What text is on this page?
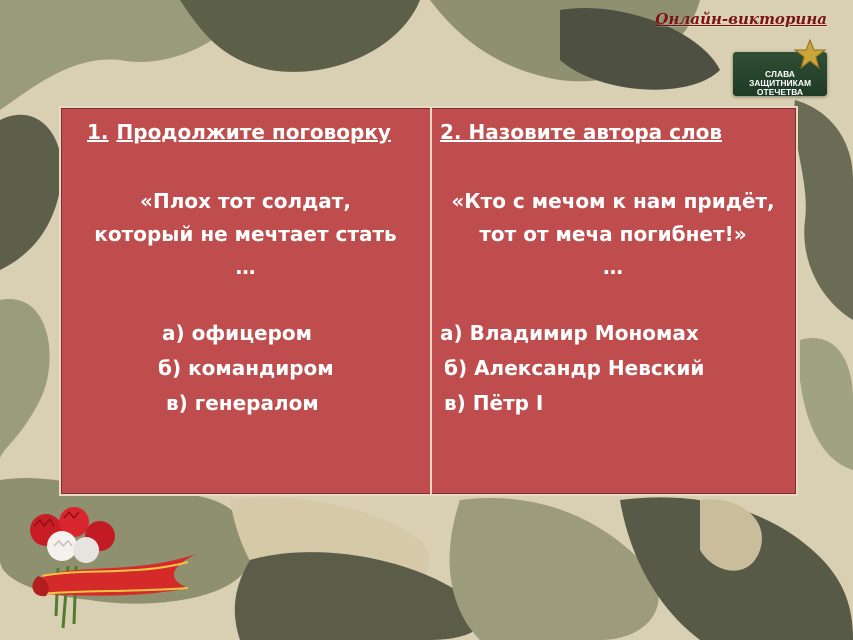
Онлайн-викторина
СЛАВА
ЗАЩИТНИКАМ
ОТЕЧЕТВА
1. Продолжите поговорку
«Плох тот солдат,
который не мечтает стать
…
а) офицером
б) командиром
в) генералом
2. Назовите автора слов
«Кто с мечом к нам придёт,
тот от меча погибнет!»
…
а) Владимир Мономах
б) Александр Невский
в) Пётр I
